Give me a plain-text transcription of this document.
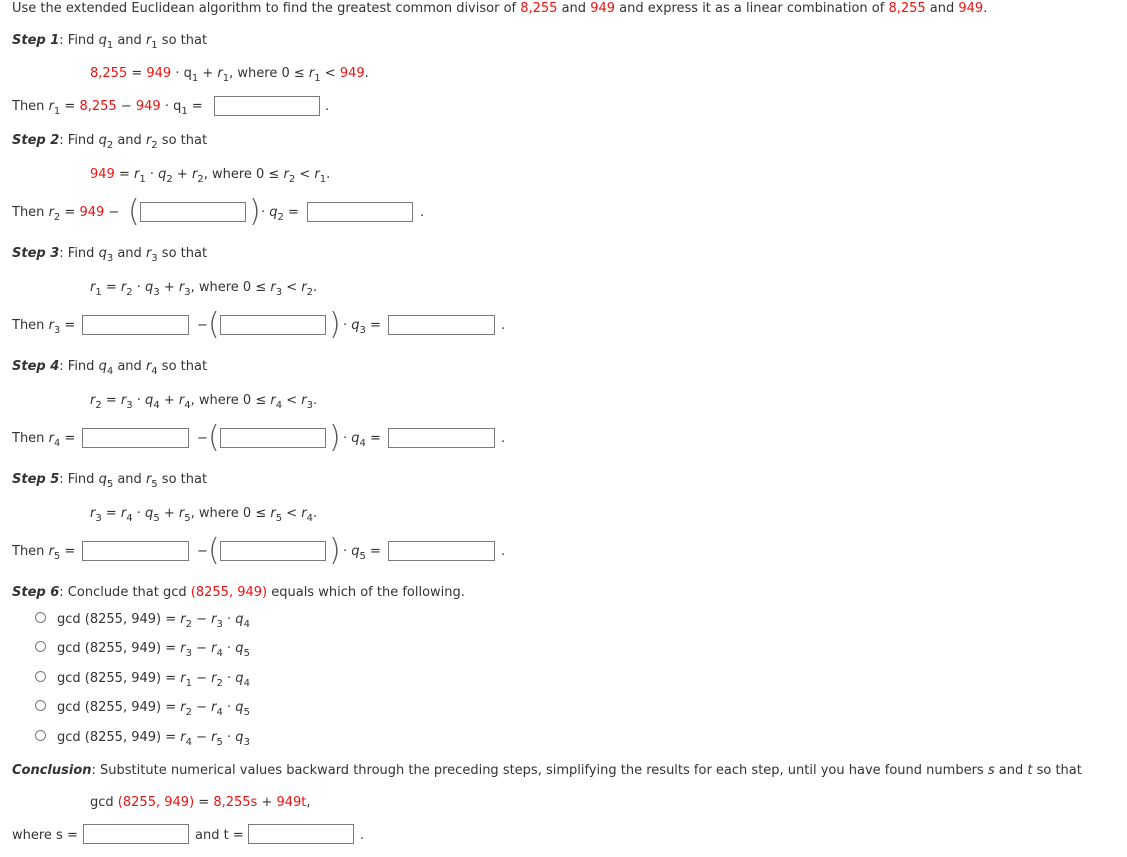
Use the extended Euclidean algorithm to find the greatest common divisor of 8,255 and 949 and express it as a linear combination of 8,255 and 949.
Step 1: Find $q_1$ and $r_1$ so that
$8,255 = 949 \cdot q_1 + r_1$, where $0 \le r_1 < 949$.
Then $r_1 = 8,255 - 949 \cdot q_1$ =	.
Step 2: Find $q_2$ and $r_2$ so that
$949 = r_1 \cdot q_2 + r_2$, where $0 \le r_2 < r_1$.
Then $r_2 = 949$ − (	) · $q_2$ =	.
Step 3: Find $q_3$ and $r_3$ so that
$r_1 = r_2 \cdot q_3 + r_3$, where $0 \le r_3 < r_2$.
Then $r_3$ =	− (	) · $q_3$ =	.
Step 4: Find $q_4$ and $r_4$ so that
$r_2 = r_3 \cdot q_4 + r_4$, where $0 \le r_4 < r_3$.
Then $r_4$ =	− (	) · $q_4$ =	.
Step 5: Find $q_5$ and $r_5$ so that
$r_3 = r_4 \cdot q_5 + r_5$, where $0 \le r_5 < r_4$.
Then $r_5$ =	− (	) · $q_5$ =	.
Step 6: Conclude that gcd (8255, 949) equals which of the following.
gcd (8255, $949) = r_2 - r_3 \cdot q_4$
gcd (8255, $949) = r_3 - r_4 \cdot q_5$
gcd (8255, $949) = r_1 - r_2 \cdot q_4$
gcd (8255, $949) = r_2 - r_4 \cdot q_5$
gcd (8255, $949) = r_4 - r_5 \cdot q_3$
Conclusion: Substitute numerical values backward through the preceding steps, simplifying the results for each step, until you have found numbers s and t so that
gcd (8255, 949) = 8,255s + 949t,
where s =	and t =	.
